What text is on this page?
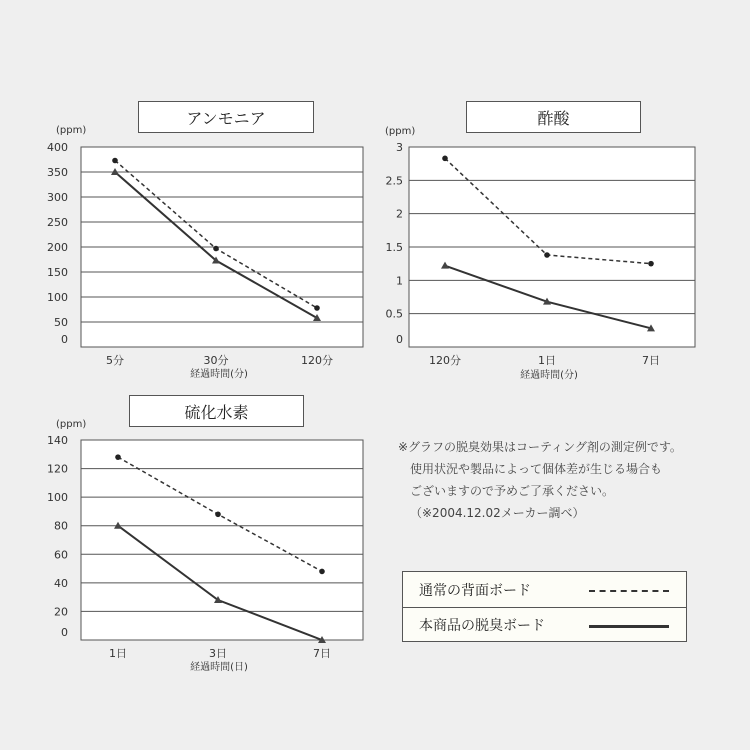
アンモニア	酢酸
硫化水素
400
350
300
250
200
150
100
50
0
(ppm)
5分	30分	120分
経過時間(分)
3
2.5
2
1.5
1
0.5
0
(ppm)
120分	1日	7日
経過時間(分)
140
120
100
80
60
40
20
0
(ppm)
1日	3日	7日
経過時間(日)
※グラフの脱臭効果はコーティング剤の測定例です。
使用状況や製品によって個体差が生じる場合も
ございますので予めご了承ください。
（※2004.12.02メーカー調べ）
通常の背面ボード
本商品の脱臭ボード
